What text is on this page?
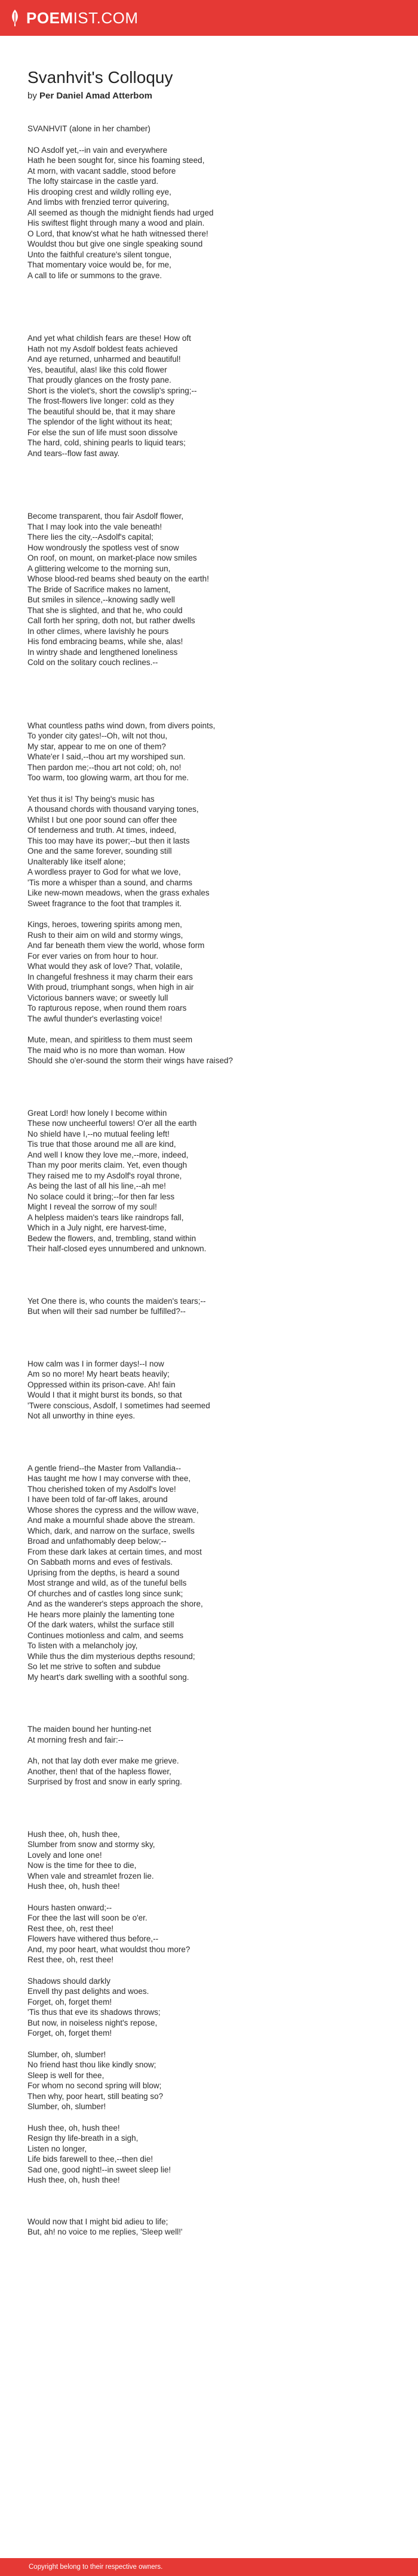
POEM IST.COM
Svanhvit's Colloquy
by Per Daniel Amad Atterbom
SVANHVIT (alone in her chamber)
NO Asdolf yet,--in vain and everywhere
Hath he been sought for, since his foaming steed,
At morn, with vacant saddle, stood before
The lofty staircase in the castle yard.
His drooping crest and wildly rolling eye,
And limbs with frenzied terror quivering,
All seemed as though the midnight fiends had urged
His swiftest flight through many a wood and plain.
O Lord, that know'st what he hath witnessed there!
Wouldst thou but give one single speaking sound
Unto the faithful creature's silent tongue,
That momentary voice would be, for me,
A call to life or summons to the grave.
And yet what childish fears are these! How oft
Hath not my Asdolf boldest feats achieved
And aye returned, unharmed and beautiful!
Yes, beautiful, alas! like this cold flower
That proudly glances on the frosty pane.
Short is the violet's, short the cowslip's spring;--
The frost-flowers live longer: cold as they
The beautiful should be, that it may share
The splendor of the light without its heat;
For else the sun of life must soon dissolve
The hard, cold, shining pearls to liquid tears;
And tears--flow fast away.
Become transparent, thou fair Asdolf flower,
That I may look into the vale beneath!
There lies the city,--Asdolf's capital;
How wondrously the spotless vest of snow
On roof, on mount, on market-place now smiles
A glittering welcome to the morning sun,
Whose blood-red beams shed beauty on the earth!
The Bride of Sacrifice makes no lament,
But smiles in silence,--knowing sadly well
That she is slighted, and that he, who could
Call forth her spring, doth not, but rather dwells
In other climes, where lavishly he pours
His fond embracing beams, while she, alas!
In wintry shade and lengthened loneliness
Cold on the solitary couch reclines.--
What countless paths wind down, from divers points,
To yonder city gates!--Oh, wilt not thou,
My star, appear to me on one of them?
Whate'er I said,--thou art my worshiped sun.
Then pardon me;--thou art not cold; oh, no!
Too warm, too glowing warm, art thou for me.
Yet thus it is! Thy being's music has
A thousand chords with thousand varying tones,
Whilst I but one poor sound can offer thee
Of tenderness and truth. At times, indeed,
This too may have its power;--but then it lasts
One and the same forever, sounding still
Unalterably like itself alone;
A wordless prayer to God for what we love,
'Tis more a whisper than a sound, and charms
Like new-mown meadows, when the grass exhales
Sweet fragrance to the foot that tramples it.
Kings, heroes, towering spirits among men,
Rush to their aim on wild and stormy wings,
And far beneath them view the world, whose form
For ever varies on from hour to hour.
What would they ask of love? That, volatile,
In changeful freshness it may charm their ears
With proud, triumphant songs, when high in air
Victorious banners wave; or sweetly lull
To rapturous repose, when round them roars
The awful thunder's everlasting voice!
Mute, mean, and spiritless to them must seem
The maid who is no more than woman. How
Should she o'er-sound the storm their wings have raised?
Great Lord! how lonely I become within
These now uncheerful towers! O'er all the earth
No shield have I,--no mutual feeling left!
Tis true that those around me all are kind,
And well I know they love me,--more, indeed,
Than my poor merits claim. Yet, even though
They raised me to my Asdolf's royal throne,
As being the last of all his line,--ah me!
No solace could it bring;--for then far less
Might I reveal the sorrow of my soul!
A helpless maiden's tears like raindrops fall,
Which in a July night, ere harvest-time,
Bedew the flowers, and, trembling, stand within
Their half-closed eyes unnumbered and unknown.
Yet One there is, who counts the maiden's tears;--
But when will their sad number be fulfilled?--
How calm was I in former days!--I now
Am so no more! My heart beats heavily;
Oppressed within its prison-cave. Ah! fain
Would I that it might burst its bonds, so that
'Twere conscious, Asdolf, I sometimes had seemed
Not all unworthy in thine eyes.
A gentle friend--the Master from Vallandia--
Has taught me how I may converse with thee,
Thou cherished token of my Asdolf's love!
I have been told of far-off lakes, around
Whose shores the cypress and the willow wave,
And make a mournful shade above the stream.
Which, dark, and narrow on the surface, swells
Broad and unfathomably deep below;--
From these dark lakes at certain times, and most
On Sabbath morns and eves of festivals.
Uprising from the depths, is heard a sound
Most strange and wild, as of the tuneful bells
Of churches and of castles long since sunk;
And as the wanderer's steps approach the shore,
He hears more plainly the lamenting tone
Of the dark waters, whilst the surface still
Continues motionless and calm, and seems
To listen with a melancholy joy,
While thus the dim mysterious depths resound;
So let me strive to soften and subdue
My heart's dark swelling with a soothful song.
The maiden bound her hunting-net
At morning fresh and fair:--
Ah, not that lay doth ever make me grieve.
Another, then! that of the hapless flower,
Surprised by frost and snow in early spring.
Hush thee, oh, hush thee,
Slumber from snow and stormy sky,
Lovely and lone one!
Now is the time for thee to die,
When vale and streamlet frozen lie.
Hush thee, oh, hush thee!
Hours hasten onward;--
For thee the last will soon be o'er.
Rest thee, oh, rest thee!
Flowers have withered thus before,--
And, my poor heart, what wouldst thou more?
Rest thee, oh, rest thee!
Shadows should darkly
Envell thy past delights and woes.
Forget, oh, forget them!
'Tis thus that eve its shadows throws;
But now, in noiseless night's repose,
Forget, oh, forget them!
Slumber, oh, slumber!
No friend hast thou like kindly snow;
Sleep is well for thee,
For whom no second spring will blow;
Then why, poor heart, still beating so?
Slumber, oh, slumber!
Hush thee, oh, hush thee!
Resign thy life-breath in a sigh,
Listen no longer,
Life bids farewell to thee,--then die!
Sad one, good night!--in sweet sleep lie!
Hush thee, oh, hush thee!
Would now that I might bid adieu to life;
But, ah! no voice to me replies, 'Sleep well!'
Copyright belong to their respective owners.
